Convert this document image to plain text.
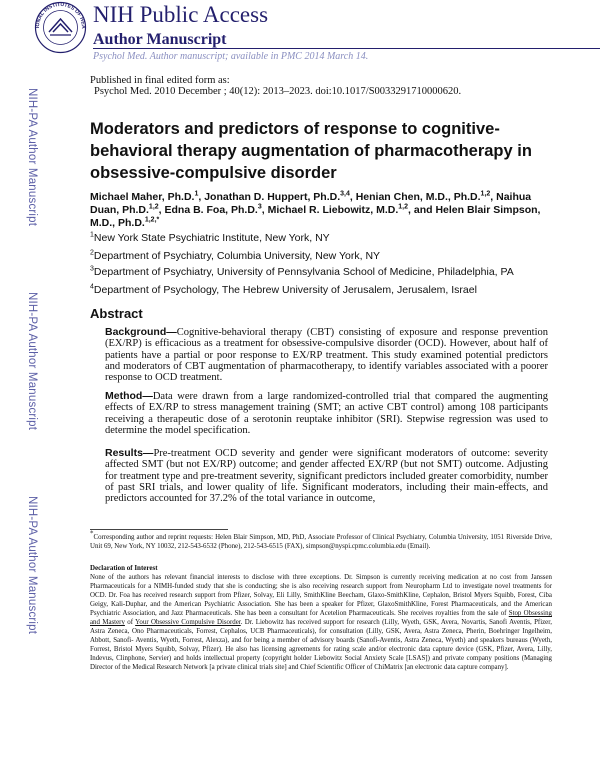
IONAL INSTITUTES OF HEA NIH Public Access
Author Manuscript
Psychol Med. Author manuscript; available in PMC 2014 March 14.
Published in final edited form as:
Psychol Med. 2010 December ; 40(12): 2013–2023. doi:10.1017/S0033291710000620.
NIH-PA Author Manuscript
NIH-PA Author Manuscript
NIH-PA Author Manuscript
Moderators and predictors of response to cognitive-behavioral therapy augmentation of pharmacotherapy in obsessive-compulsive disorder
Michael Maher, Ph.D.$^1$, Jonathan D. Huppert, Ph.D.$^{3,4}$, Henian Chen, M.D., Ph.D.$^{1,2}$, Naihua Duan, Ph.D.$^{1,2}$, Edna B. Foa, Ph.D.$^3$, Michael R. Liebowitz, M.D.$^{1,2}$, and Helen Blair Simpson, M.D., Ph.D.$^{1,2,*}$
$^1$New York State Psychiatric Institute, New York, NY
$^2$Department of Psychiatry, Columbia University, New York, NY
$^3$Department of Psychiatry, University of Pennsylvania School of Medicine, Philadelphia, PA
$^4$Department of Psychology, The Hebrew University of Jerusalem, Jerusalem, Israel
Abstract
Background—Cognitive-behavioral therapy (CBT) consisting of exposure and response prevention (EX/RP) is efficacious as a treatment for obsessive-compulsive disorder (OCD). However, about half of patients have a partial or poor response to EX/RP treatment. This study examined potential predictors and moderators of CBT augmentation of pharmacotherapy, to identify variables associated with a poorer response to OCD treatment.
Method—Data were drawn from a large randomized-controlled trial that compared the augmenting effects of EX/RP to stress management training (SMT; an active CBT control) among 108 participants receiving a therapeutic dose of a serotonin reuptake inhibitor (SRI). Stepwise regression was used to determine the model specification.
Results—Pre-treatment OCD severity and gender were significant moderators of outcome: severity affected SMT (but not EX/RP) outcome; and gender affected EX/RP (but not SMT) outcome. Adjusting for treatment type and pre-treatment severity, significant predictors included greater comorbidity, number of past SRI trials, and lower quality of life. Significant moderators, including their main-effects, and predictors accounted for 37.2% of the total variance in outcome,
*Corresponding author and reprint requests: Helen Blair Simpson, MD, PhD, Associate Professor of Clinical Psychiatry, Columbia University, 1051 Riverside Drive, Unit 69, New York, NY 10032, 212-543-6532 (Phone), 212-543-6515 (FAX), simpson@nyspi.cpmc.columbia.edu (Email).
Declaration of Interest
None of the authors has relevant financial interests to disclose with three exceptions. Dr. Simpson is currently receiving medication at no cost from Janssen Pharmaceuticals for a NIMH-funded study that she is conducting; she is also receiving research support from Neuropharm Ltd to investigate novel treatments for OCD. Dr. Foa has received research support from Pfizer, Solvay, Eli Lilly, SmithKline Beecham, Glaxo-SmithKline, Cephalon, Bristol Myers Squibb, Forest, Ciba Geigy, Kali-Duphar, and the American Psychiatric Association. She has been a speaker for Pfizer, GlaxoSmithKline, Forest Pharmaceuticals, and the American Psychiatric Association, and Jazz Pharmaceuticals. She has been a consultant for Acetelion Pharmaceuticals. She receives royalties from the sale of Stop Obsessing and Mastery of Your Obsessive Compulsive Disorder. Dr. Liebowitz has received support for research (Lilly, Wyeth, GSK, Avera, Novartis, Sanofi Aventis, Pfizer, Astra Zeneca, Ono Pharmaceuticals, Forrest, Cephalos, UCB Pharmaceuticals), for consultation (Lilly, GSK, Avera, Astra Zeneca, Pherin, Boehringer Ingelheim, Abbott, Sanofi- Aventis, Wyeth, Forrest, Alexza), and for being a member of advisory boards (Sanofi-Aventis, Astra Zeneca, Wyeth) and speakers bureaus (Wyeth, Forrest, Bristol Myers Squibb, Solvay, Pfizer). He also has licensing agreements for rating scale and/or electronic data capture device (GSK, Pfizer, Avera, Lilly, Indevus, Clinphone, Servier) and holds intellectual property (copyright holder Liebowitz Social Anxiety Scale [LSAS]) and private company positions (Managing Director of the Medical Research Network [a private clinical trials site] and Chief Scientific Officer of ChiMatrix [an electronic data capture company].
